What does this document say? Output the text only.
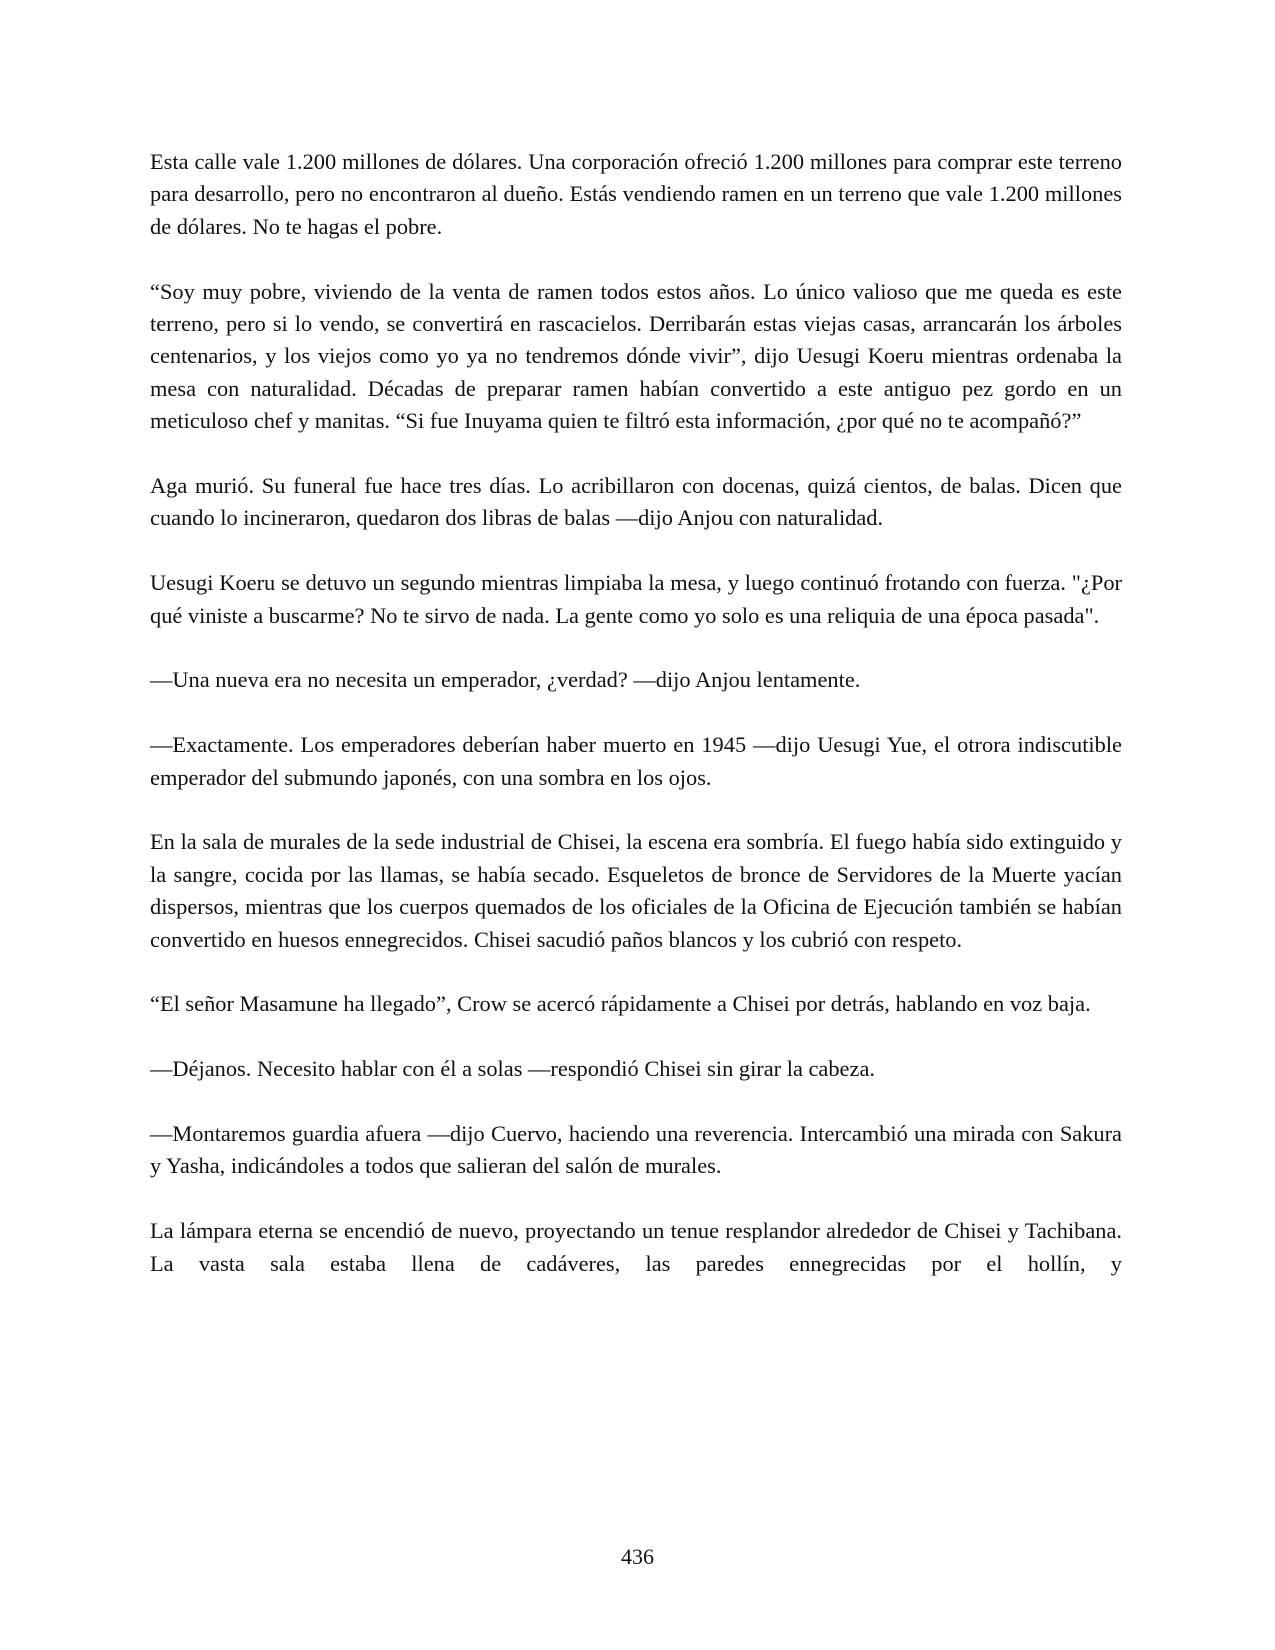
Esta calle vale 1.200 millones de dólares. Una corporación ofreció 1.200 millones para comprar este terreno para desarrollo, pero no encontraron al dueño. Estás vendiendo ramen en un terreno que vale 1.200 millones de dólares. No te hagas el pobre.

“Soy muy pobre, viviendo de la venta de ramen todos estos años. Lo único valioso que me queda es este terreno, pero si lo vendo, se convertirá en rascacielos. Derribarán estas viejas casas, arrancarán los árboles centenarios, y los viejos como yo ya no tendremos dónde vivir”, dijo Uesugi Koeru mientras ordenaba la mesa con naturalidad. Décadas de preparar ramen habían convertido a este antiguo pez gordo en un meticuloso chef y manitas. “Si fue Inuyama quien te filtró esta información, ¿por qué no te acompañó?”

Aga murió. Su funeral fue hace tres días. Lo acribillaron con docenas, quizá cientos, de balas. Dicen que cuando lo incineraron, quedaron dos libras de balas —dijo Anjou con naturalidad.

Uesugi Koeru se detuvo un segundo mientras limpiaba la mesa, y luego continuó frotando con fuerza. "¿Por qué viniste a buscarme? No te sirvo de nada. La gente como yo solo es una reliquia de una época pasada".

—Una nueva era no necesita un emperador, ¿verdad? —dijo Anjou lentamente.

—Exactamente. Los emperadores deberían haber muerto en 1945 —dijo Uesugi Yue, el otrora indiscutible emperador del submundo japonés, con una sombra en los ojos.

En la sala de murales de la sede industrial de Chisei, la escena era sombría. El fuego había sido extinguido y la sangre, cocida por las llamas, se había secado. Esqueletos de bronce de Servidores de la Muerte yacían dispersos, mientras que los cuerpos quemados de los oficiales de la Oficina de Ejecución también se habían convertido en huesos ennegrecidos. Chisei sacudió paños blancos y los cubrió con respeto.

“El señor Masamune ha llegado”, Crow se acercó rápidamente a Chisei por detrás, hablando en voz baja.

—Déjanos. Necesito hablar con él a solas —respondió Chisei sin girar la cabeza.

—Montaremos guardia afuera —dijo Cuervo, haciendo una reverencia. Intercambió una mirada con Sakura y Yasha, indicándoles a todos que salieran del salón de murales.

La lámpara eterna se encendió de nuevo, proyectando un tenue resplandor alrededor de Chisei y Tachibana. La vasta sala estaba llena de cadáveres, las paredes ennegrecidas por el hollín, y

436
